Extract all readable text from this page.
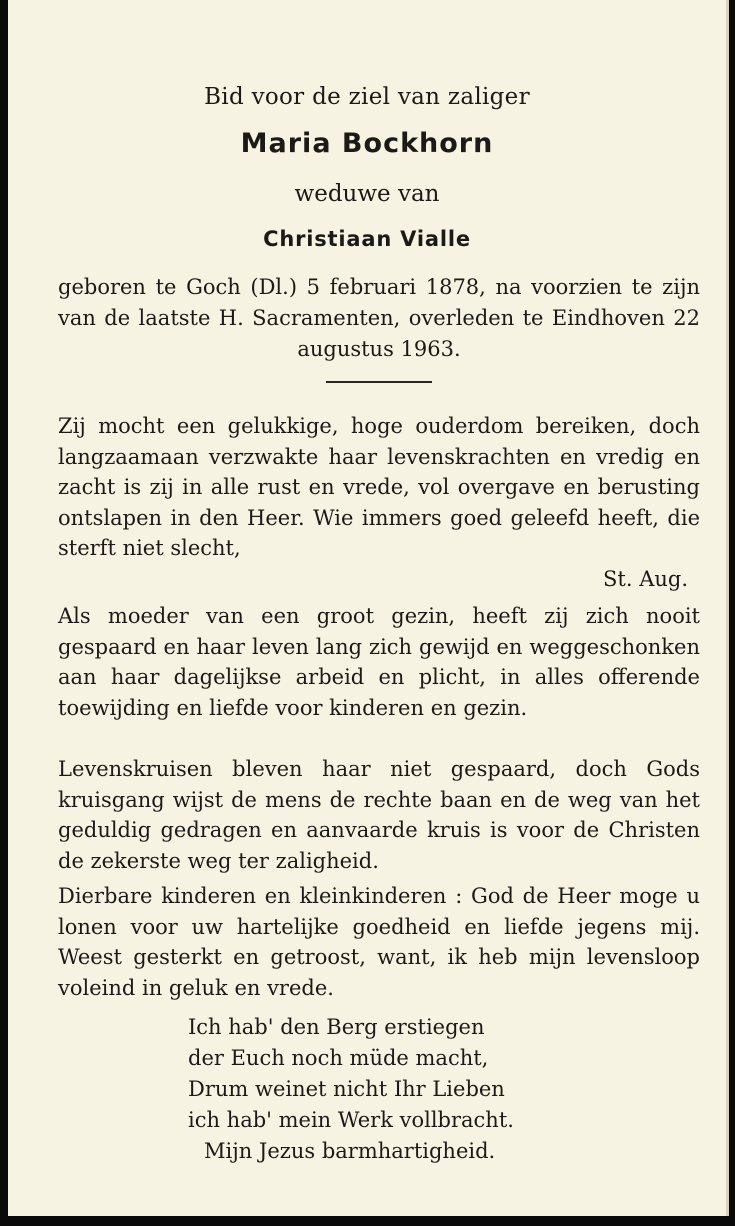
Bid voor de ziel van zaliger
Maria Bockhorn
weduwe van
Christiaan Vialle
geboren te Goch (Dl.) 5 februari 1878, na voorzien te zijn van de laatste H. Sacramenten, overleden te Eindhoven 22 augustus 1963.
Zij mocht een gelukkige, hoge ouderdom bereiken, doch langzaamaan verzwakte haar levenskrachten en vredig en zacht is zij in alle rust en vrede, vol overgave en berusting ontslapen in den Heer. Wie immers goed geleefd heeft, die sterft niet slecht,
St. Aug.
Als moeder van een groot gezin, heeft zij zich nooit gespaard en haar leven lang zich gewijd en weggeschonken aan haar dagelijkse arbeid en plicht, in alles offerende toewijding en liefde voor kinderen en gezin.
Levenskruisen bleven haar niet gespaard, doch Gods kruisgang wijst de mens de rechte baan en de weg van het geduldig gedragen en aanvaarde kruis is voor de Christen de zekerste weg ter zaligheid.
Dierbare kinderen en kleinkinderen : God de Heer moge u lonen voor uw hartelijke goedheid en liefde jegens mij. Weest gesterkt en getroost, want, ik heb mijn levensloop voleind in geluk en vrede.
Ich hab' den Berg erstiegen
der Euch noch müde macht,
Drum weinet nicht Ihr Lieben
ich hab' mein Werk vollbracht.
Mijn Jezus barmhartigheid.
